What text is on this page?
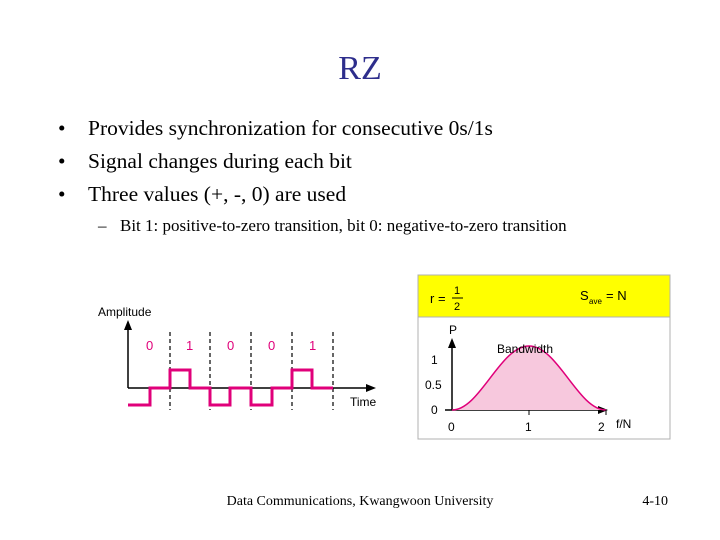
RZ
• Provides synchronization for consecutive 0s/1s
• Signal changes during each bit
• Three values (+, -, 0) are used
– Bit 1: positive-to-zero transition, bit 0: negative-to-zero transition
Amplitude
Time
0	1	0	0	1
r = 1
2
S ave = N
P
Bandwidth
1
0.5
0
0	1	2 f/N
Data Communications, Kwangwoon University	4-10
